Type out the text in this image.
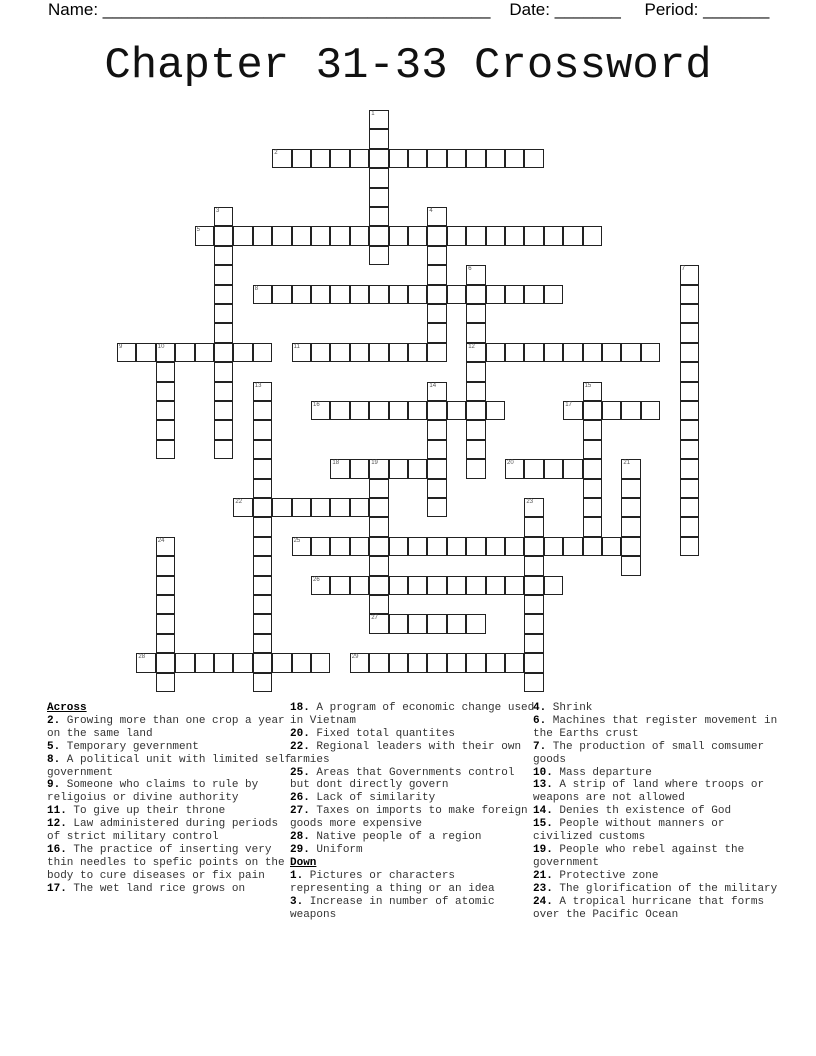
Name: _________________________________________ Date: _______ Period: _______
Chapter 31-33 Crossword
1
2
3	4
5
6
12
7
8
9	10	11
13	14	15
16	17
18	19
27
20	21
22	23
24	25
26
28	29
Across
2. Growing more than one crop a year on the same land
5. Temporary gevernment
8. A political unit with limited self government
9. Someone who claims to rule by religoius or divine authority
11. To give up their throne
12. Law administered during periods of strict military control
16. The practice of inserting very thin needles to spefic points on the body to cure diseases or fix pain
17. The wet land rice grows on
18. A program of economic change used in Vietnam
20. Fixed total quantites
22. Regional leaders with their own armies
25. Areas that Governments control but dont directly govern
26. Lack of similarity
27. Taxes on imports to make foreign goods more expensive
28. Native people of a region
29. Uniform
Down
1. Pictures or characters representing a thing or an idea
3. Increase in number of atomic weapons
4. Shrink
6. Machines that register movement in the Earths crust
7. The production of small comsumer goods
10. Mass departure
13. A strip of land where troops or weapons are not allowed
14. Denies th existence of God
15. People without manners or civilized customs
19. People who rebel against the government
21. Protective zone
23. The glorification of the military
24. A tropical hurricane that forms over the Pacific Ocean
